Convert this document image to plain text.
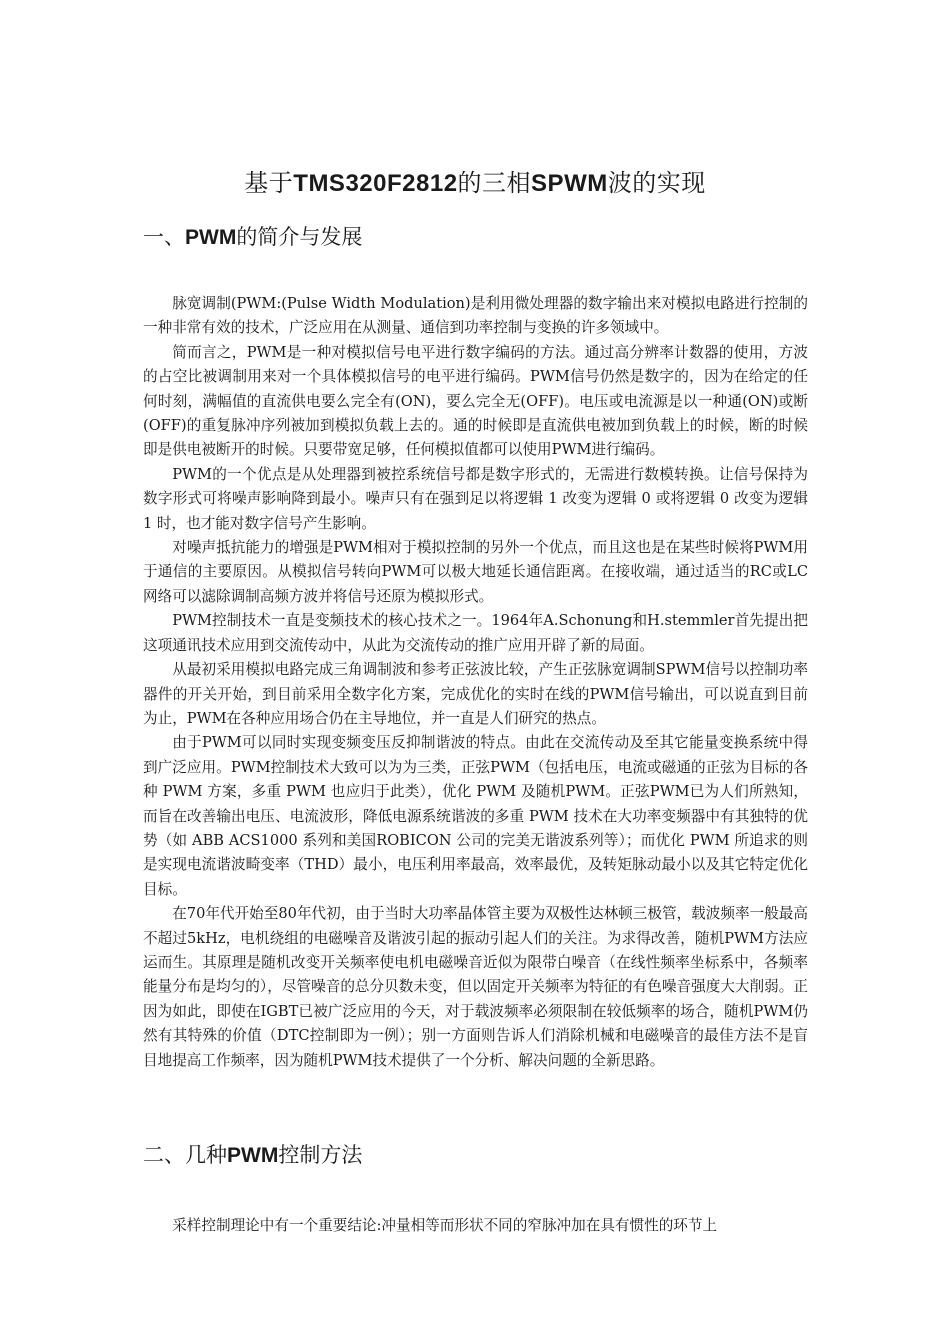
基于TMS320F2812的三相SPWM波的实现
一、PWM的简介与发展

脉宽调制(PWM:(Pulse Width Modulation)是利用微处理器的数字输出来对模拟电路进行控制的一种非常有效的技术，广泛应用在从测量、通信到功率控制与变换的许多领域中。

简而言之，PWM是一种对模拟信号电平进行数字编码的方法。通过高分辨率计数器的使用，方波的占空比被调制用来对一个具体模拟信号的电平进行编码。PWM信号仍然是数字的，因为在给定的任何时刻，满幅值的直流供电要么完全有(ON)，要么完全无(OFF)。电压或电流源是以一种通(ON)或断(OFF)的重复脉冲序列被加到模拟负载上去的。通的时候即是直流供电被加到负载上的时候，断的时候即是供电被断开的时候。只要带宽足够，任何模拟值都可以使用PWM进行编码。

PWM的一个优点是从处理器到被控系统信号都是数字形式的，无需进行数模转换。让信号保持为数字形式可将噪声影响降到最小。噪声只有在强到足以将逻辑 1 改变为逻辑 0 或将逻辑 0 改变为逻辑 1 时，也才能对数字信号产生影响。

对噪声抵抗能力的增强是PWM相对于模拟控制的另外一个优点，而且这也是在某些时候将PWM用于通信的主要原因。从模拟信号转向PWM可以极大地延长通信距离。在接收端，通过适当的RC或LC网络可以滤除调制高频方波并将信号还原为模拟形式。

PWM控制技术一直是变频技术的核心技术之一。1964年A.Schonung和H.stemmler首先提出把这项通讯技术应用到交流传动中，从此为交流传动的推广应用开辟了新的局面。

从最初采用模拟电路完成三角调制波和参考正弦波比较，产生正弦脉宽调制SPWM信号以控制功率器件的开关开始，到目前采用全数字化方案，完成优化的实时在线的PWM信号输出，可以说直到目前为止，PWM在各种应用场合仍在主导地位，并一直是人们研究的热点。

由于PWM可以同时实现变频变压反抑制谐波的特点。由此在交流传动及至其它能量变换系统中得到广泛应用。PWM控制技术大致可以为为三类，正弦PWM（包括电压，电流或磁通的正弦为目标的各种 PWM 方案，多重 PWM 也应归于此类），优化 PWM 及随机PWM。正弦PWM已为人们所熟知，而旨在改善输出电压、电流波形，降低电源系统谐波的多重 PWM 技术在大功率变频器中有其独特的优势（如 ABB ACS1000 系列和美国ROBICON 公司的完美无谐波系列等）；而优化 PWM 所追求的则是实现电流谐波畸变率（THD）最小，电压利用率最高，效率最优，及转矩脉动最小以及其它特定优化目标。

在70年代开始至80年代初，由于当时大功率晶体管主要为双极性达林顿三极管，载波频率一般最高不超过5kHz，电机绕组的电磁噪音及谐波引起的振动引起人们的关注。为求得改善，随机PWM方法应运而生。其原理是随机改变开关频率使电机电磁噪音近似为限带白噪音（在线性频率坐标系中，各频率能量分布是均匀的），尽管噪音的总分贝数未变，但以固定开关频率为特征的有色噪音强度大大削弱。正因为如此，即使在IGBT已被广泛应用的今天，对于载波频率必须限制在较低频率的场合，随机PWM仍然有其特殊的价值（DTC控制即为一例）；别一方面则告诉人们消除机械和电磁噪音的最佳方法不是盲目地提高工作频率，因为随机PWM技术提供了一个分析、解决问题的全新思路。

二、几种PWM控制方法

采样控制理论中有一个重要结论:冲量相等而形状不同的窄脉冲加在具有惯性的环节上
